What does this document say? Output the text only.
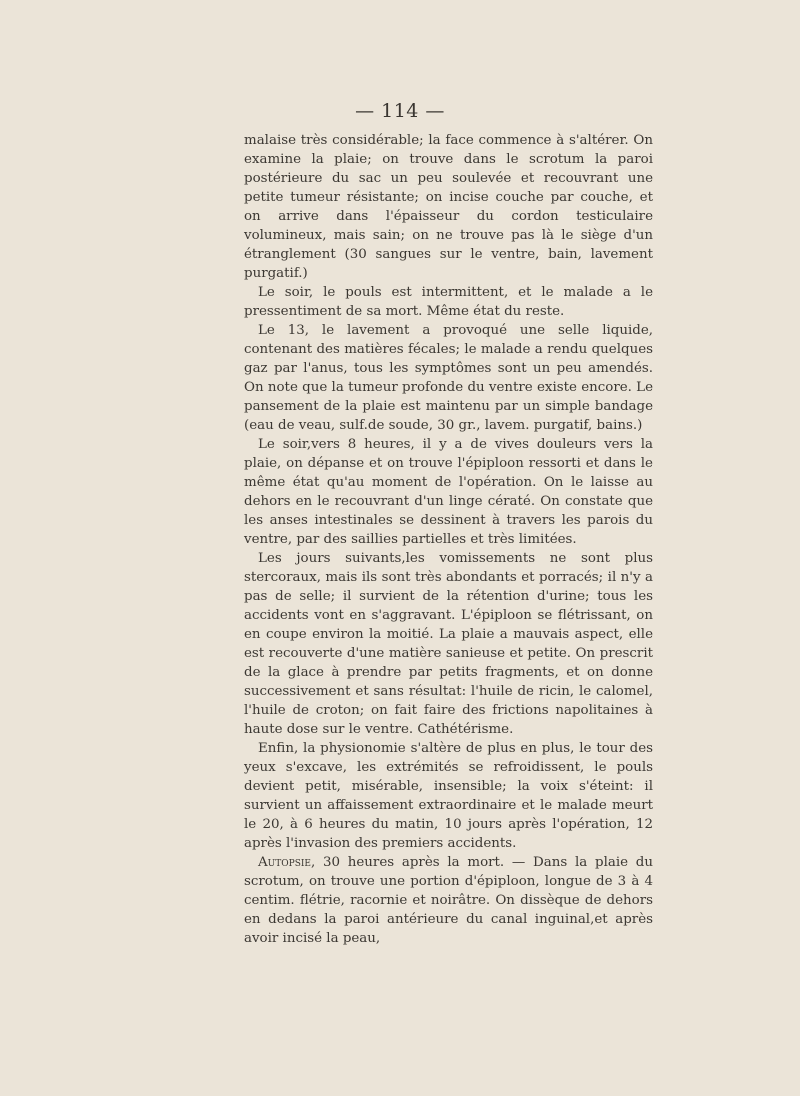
— 114 —

malaise très considérable; la face commence à s'altérer. On examine la plaie; on trouve dans le scrotum la paroi postérieure du sac un peu soulevée et recouvrant une petite tumeur résistante; on incise couche par couche, et on arrive dans l'épaisseur du cordon testiculaire volumineux, mais sain; on ne trouve pas là le siège d'un étranglement (30 sangues sur le ventre, bain, lavement purgatif.)

Le soir, le pouls est intermittent, et le malade a le pressentiment de sa mort. Même état du reste.

Le 13, le lavement a provoqué une selle liquide, contenant des matières fécales; le malade a rendu quelques gaz par l'anus, tous les symptômes sont un peu amendés. On note que la tumeur profonde du ventre existe encore. Le pansement de la plaie est maintenu par un simple bandage (eau de veau, sulf.de soude, 30 gr., lavem. purgatif, bains.)

Le soir,vers 8 heures, il y a de vives douleurs vers la plaie, on dépanse et on trouve l'épiploon ressorti et dans le même état qu'au moment de l'opération. On le laisse au dehors en le recouvrant d'un linge cératé. On constate que les anses intestinales se dessinent à travers les parois du ventre, par des saillies partielles et très limitées.

Les jours suivants,les vomissements ne sont plus stercoraux, mais ils sont très abondants et porracés; il n'y a pas de selle; il survient de la rétention d'urine; tous les accidents vont en s'aggravant. L'épiploon se flétrissant, on en coupe environ la moitié. La plaie a mauvais aspect, elle est recouverte d'une matière sanieuse et petite. On prescrit de la glace à prendre par petits fragments, et on donne successivement et sans résultat: l'huile de ricin, le calomel, l'huile de croton; on fait faire des frictions napolitaines à haute dose sur le ventre. Cathétérisme.

Enfin, la physionomie s'altère de plus en plus, le tour des yeux s'excave, les extrémités se refroidissent, le pouls devient petit, misérable, insensible; la voix s'éteint: il survient un affaissement extraordinaire et le malade meurt le 20, à 6 heures du matin, 10 jours après l'opération, 12 après l'invasion des premiers accidents.

Autopsie, 30 heures après la mort. — Dans la plaie du scrotum, on trouve une portion d'épiploon, longue de 3 à 4 centim. flétrie, racornie et noirâtre. On dissèque de dehors en dedans la paroi antérieure du canal inguinal,et après avoir incisé la peau,
